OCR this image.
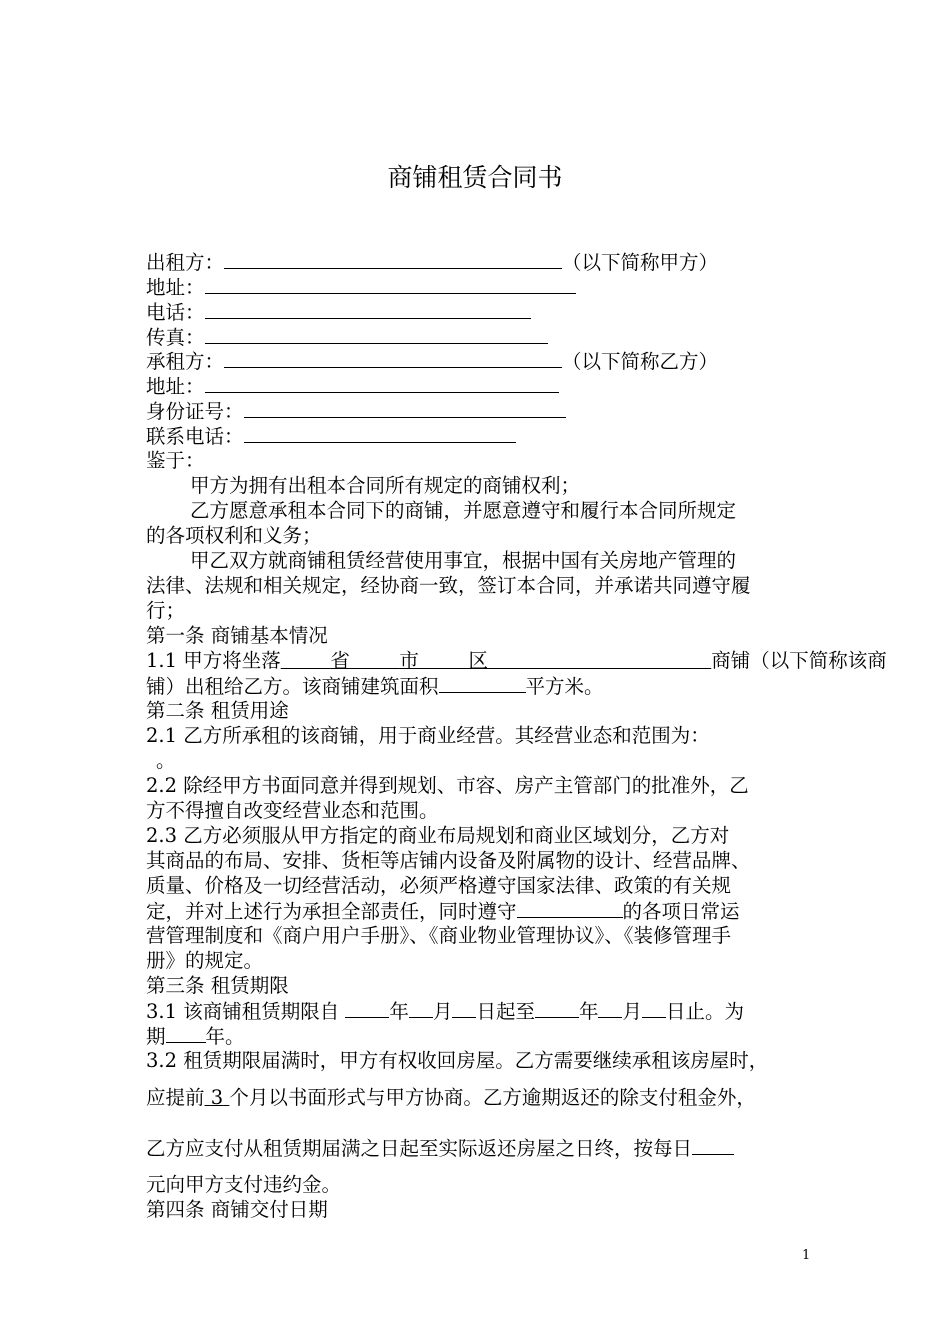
商铺租赁合同书
出租方：	（以下简称甲方）
地址：
电话：
传真：
承租方：	（以下简称乙方）
地址：
身份证号：
联系电话：
鉴于：
甲方为拥有出租本合同所有规定的商铺权利；
乙方愿意承租本合同下的商铺，并愿意遵守和履行本合同所规定
的各项权利和义务；
甲乙双方就商铺租赁经营使用事宜，根据中国有关房地产管理的
法律、法规和相关规定，经协商一致，签订本合同，并承诺共同遵守履
行；
第一条 商铺基本情况
1.1 甲方将坐落	省	市	区	商铺（以下简称该商
铺）出租给乙方。该商铺建筑面积	平方米。
第二条 租赁用途
2.1 乙方所承租的该商铺，用于商业经营。其经营业态和范围为：
。
2.2 除经甲方书面同意并得到规划、市容、房产主管部门的批准外，乙
方不得擅自改变经营业态和范围。
2.3 乙方必须服从甲方指定的商业布局规划和商业区域划分，乙方对
其商品的布局、安排、货柜等店铺内设备及附属物的设计、经营品牌、
质量、价格及一切经营活动，必须严格遵守国家法律、政策的有关规
定，并对上述行为承担全部责任，同时遵守	的各项日常运
营管理制度和《商户用户手册》、《商业物业管理协议》、《装修管理手
册》的规定。
第三条 租赁期限
3.1 该商铺租赁期限自	年 月 日起至 年 月 日止。为
期 年。
3.2 租赁期限届满时，甲方有权收回房屋。乙方需要继续承租该房屋时，
应提前 3 个月以书面形式与甲方协商。乙方逾期返还的除支付租金外，
乙方应支付从租赁期届满之日起至实际返还房屋之日终，按每日
元向甲方支付违约金。
第四条 商铺交付日期
1
